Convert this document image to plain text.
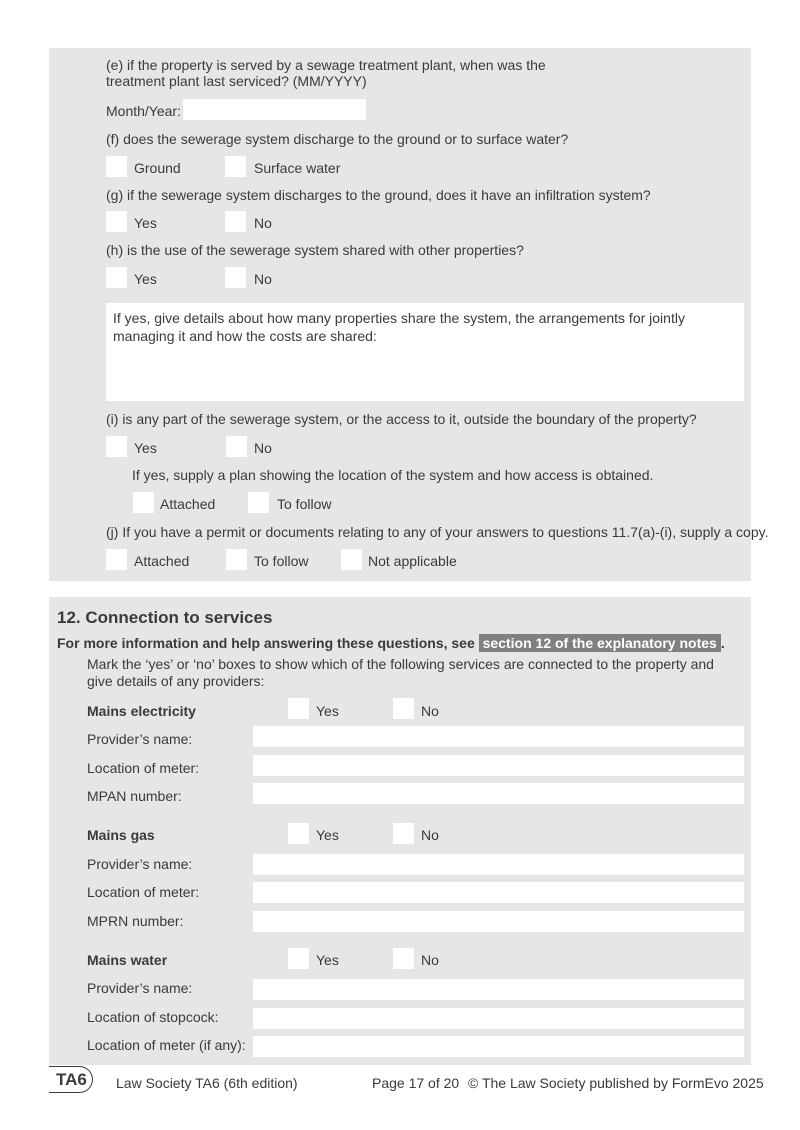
(e) if the property is served by a sewage treatment plant, when was the treatment plant last serviced? (MM/YYYY)
Month/Year:
(f) does the sewerage system discharge to the ground or to surface water?
Ground	Surface water
(g) if the sewerage system discharges to the ground, does it have an infiltration system?
Yes	No
(h) is the use of the sewerage system shared with other properties?
Yes	No
If yes, give details about how many properties share the system, the arrangements for jointly managing it and how the costs are shared:
(i) is any part of the sewerage system, or the access to it, outside the boundary of the property?
Yes	No
If yes, supply a plan showing the location of the system and how access is obtained.
Attached	To follow
(j) If you have a permit or documents relating to any of your answers to questions 11.7(a)-(i), supply a copy.
Attached	To follow	Not applicable
12. Connection to services
For more information and help answering these questions, see section 12 of the explanatory notes .
Mark the ‘yes’ or ‘no’ boxes to show which of the following services are connected to the property and give details of any providers:
Mains electricity	Yes	No
Provider’s name:
Location of meter:
MPAN number:
Mains gas	Yes	No
Provider’s name:
Location of meter:
MPRN number:
Mains water	Yes	No
Provider’s name:
Location of stopcock:
Location of meter (if any):
TA6 Law Society TA6 (6th edition)	Page 17 of 20 © The Law Society published by FormEvo 2025
